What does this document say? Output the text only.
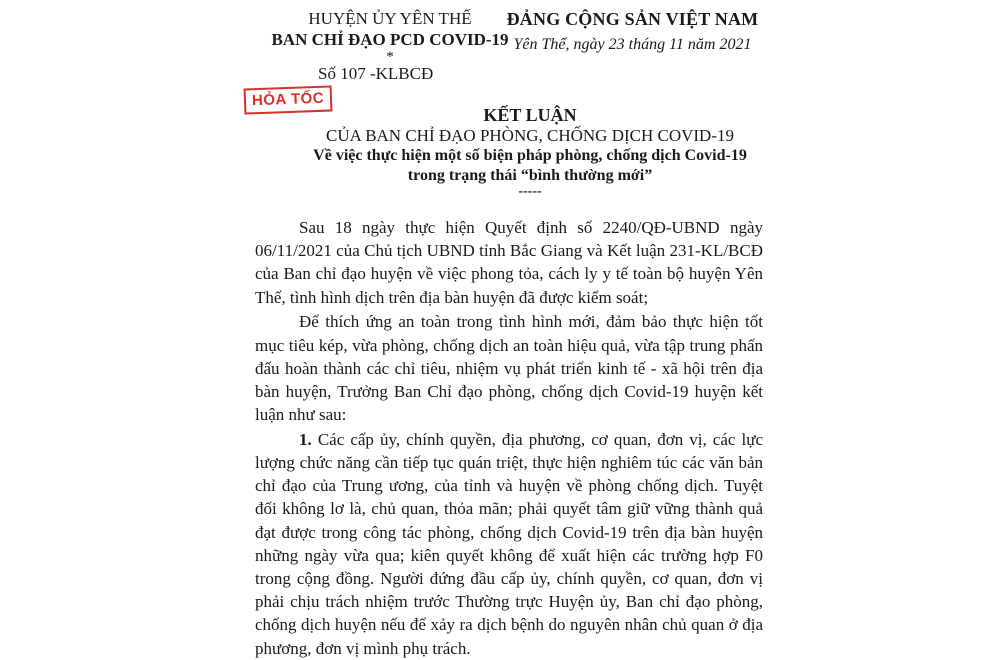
HUYỆN ỦY YÊN THẾ
BAN CHỈ ĐẠO PCD COVID-19
*
ĐẢNG CỘNG SẢN VIỆT NAM
Yên Thế, ngày 23 tháng 11 năm 2021
Số 107 -KLBCĐ
HỎA TỐC
KẾT LUẬN
CỦA BAN CHỈ ĐẠO PHÒNG, CHỐNG DỊCH COVID-19
Về việc thực hiện một số biện pháp phòng, chống dịch Covid-19
trong trạng thái “bình thường mới”
-----

Sau 18 ngày thực hiện Quyết định số 2240/QĐ-UBND ngày 06/11/2021 của Chủ tịch UBND tỉnh Bắc Giang và Kết luận 231-KL/BCĐ của Ban chỉ đạo huyện về việc phong tỏa, cách ly y tế toàn bộ huyện Yên Thế, tình hình dịch trên địa bàn huyện đã được kiểm soát;

Để thích ứng an toàn trong tình hình mới, đảm bảo thực hiện tốt mục tiêu kép, vừa phòng, chống dịch an toàn hiệu quả, vừa tập trung phấn đấu hoàn thành các chỉ tiêu, nhiệm vụ phát triển kinh tế - xã hội trên địa bàn huyện, Trưởng Ban Chỉ đạo phòng, chống dịch Covid-19 huyện kết luận như sau:

1. Các cấp ủy, chính quyền, địa phương, cơ quan, đơn vị, các lực lượng chức năng cần tiếp tục quán triệt, thực hiện nghiêm túc các văn bản chỉ đạo của Trung ương, của tỉnh và huyện về phòng chống dịch. Tuyệt đối không lơ là, chủ quan, thỏa mãn; phải quyết tâm giữ vững thành quả đạt được trong công tác phòng, chống dịch Covid-19 trên địa bàn huyện những ngày vừa qua; kiên quyết không để xuất hiện các trường hợp F0 trong cộng đồng. Người đứng đầu cấp ủy, chính quyền, cơ quan, đơn vị phải chịu trách nhiệm trước Thường trực Huyện ủy, Ban chỉ đạo phòng, chống dịch huyện nếu để xảy ra dịch bệnh do nguyên nhân chủ quan ở địa phương, đơn vị mình phụ trách.
